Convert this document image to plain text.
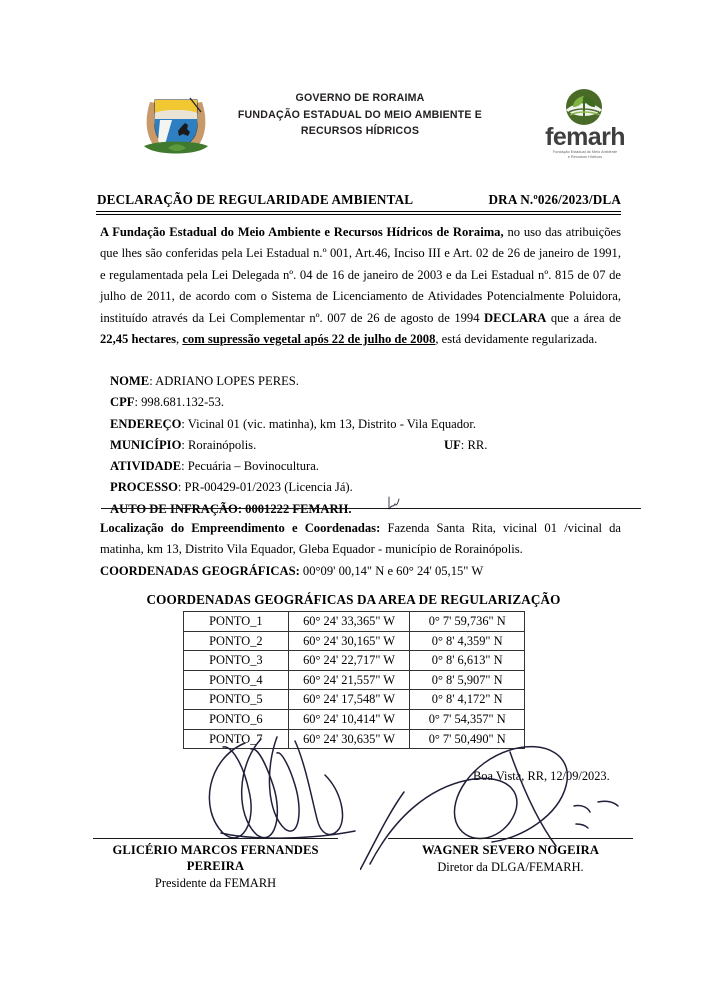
GOVERNO DE RORAIMA
FUNDAÇÃO ESTADUAL DO MEIO AMBIENTE E
RECURSOS HÍDRICOS	femarh
Fundação Estadual do Meio Ambiente
e Recursos Hídricos
DECLARAÇÃO DE REGULARIDADE AMBIENTAL	DRA N.º026/2023/DLA
A Fundação Estadual do Meio Ambiente e Recursos Hídricos de Roraima, no uso das atribuições que lhes são conferidas pela Lei Estadual n.º 001, Art.46, Inciso III e Art. 02 de 26 de janeiro de 1991, e regulamentada pela Lei Delegada nº. 04 de 16 de janeiro de 2003 e da Lei Estadual nº. 815 de 07 de julho de 2011, de acordo com o Sistema de Licenciamento de Atividades Potencialmente Poluidora, instituído através da Lei Complementar nº. 007 de 26 de agosto de 1994 DECLARA que a área de 22,45 hectares, com supressão vegetal após 22 de julho de 2008, está devidamente regularizada.
NOME: ADRIANO LOPES PERES.
CPF: 998.681.132-53.
ENDEREÇO: Vicinal 01 (vic. matinha), km 13, Distrito - Vila Equador.
MUNICÍPIO: Rorainópolis.	UF: RR.
ATIVIDADE: Pecuária – Bovinocultura.
PROCESSO: PR-00429-01/2023 (Licencia Já).
AUTO DE INFRAÇÃO: 0001222 FEMARH.
Localização do Empreendimento e Coordenadas: Fazenda Santa Rita, vicinal 01 /vicinal da matinha, km 13, Distrito Vila Equador, Gleba Equador - município de Rorainópolis.
COORDENADAS GEOGRÁFICAS: 00°09' 00,14" N e 60° 24' 05,15" W
COORDENADAS GEOGRÁFICAS DA AREA DE REGULARIZAÇÃO
PONTO_1	60° 24' 33,365" W	0° 7' 59,736" N
PONTO_2	60° 24' 30,165" W	0° 8' 4,359" N
PONTO_3	60° 24' 22,717" W	0° 8' 6,613" N
PONTO_4	60° 24' 21,557" W	0° 8' 5,907" N
PONTO_5	60° 24' 17,548" W	0° 8' 4,172" N
PONTO_6	60° 24' 10,414" W	0° 7' 54,357" N
PONTO_7	60° 24' 30,635" W	0° 7' 50,490" N
Boa Vista, RR, 12/09/2023.
GLICÉRIO MARCOS FERNANDES PEREIRA
Presidente da FEMARH
WAGNER SEVERO NOGEIRA
Diretor da DLGA/FEMARH.
